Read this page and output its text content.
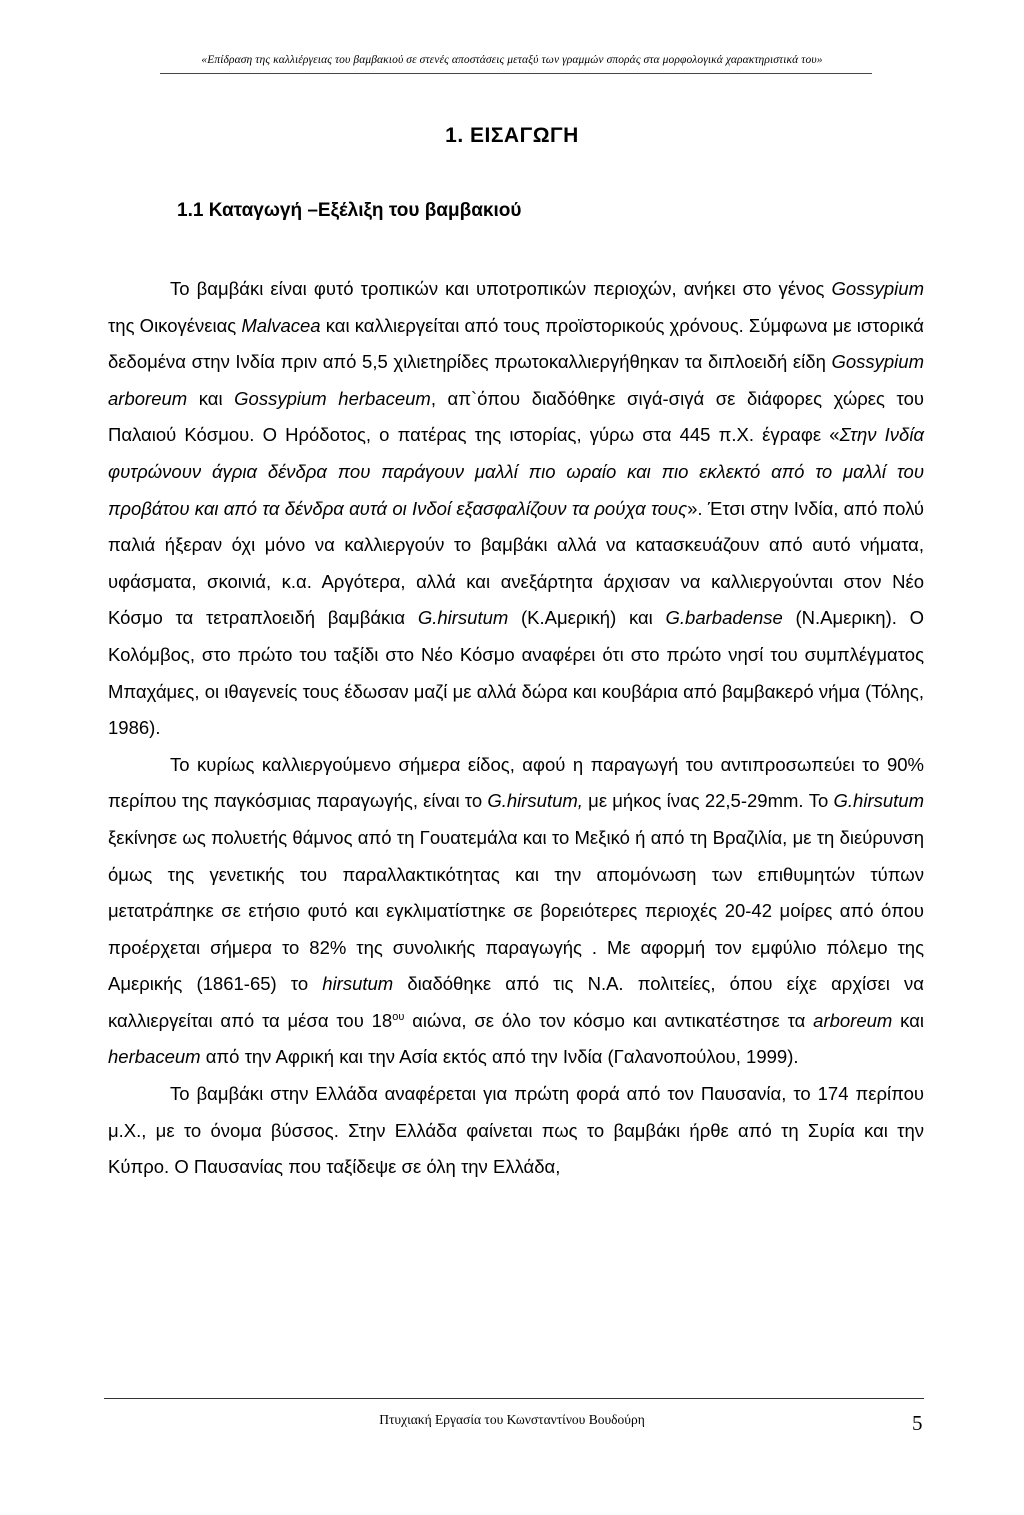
«Επίδραση της καλλιέργειας του βαμβακιού σε στενές αποστάσεις μεταξύ των γραμμών σποράς στα μορφολογικά χαρακτηριστικά του»
1. ΕΙΣΑΓΩΓΗ
1.1 Καταγωγή –Εξέλιξη του βαμβακιού

Το βαμβάκι είναι φυτό τροπικών και υποτροπικών περιοχών, ανήκει στο γένος Gossypium της Οικογένειας Malvacea και καλλιεργείται από τους προϊστορικούς χρόνους. Σύμφωνα με ιστορικά δεδομένα στην Ινδία πριν από 5,5 χιλιετηρίδες πρωτοκαλλιεργήθηκαν τα διπλοειδή είδη Gossypium arboreum και Gossypium herbaceum, απ`όπου διαδόθηκε σιγά-σιγά σε διάφορες χώρες του Παλαιού Κόσμου. Ο Ηρόδοτος, ο πατέρας της ιστορίας, γύρω στα 445 π.Χ. έγραφε «Στην Ινδία φυτρώνουν άγρια δένδρα που παράγουν μαλλί πιο ωραίο και πιο εκλεκτό από το μαλλί του προβάτου και από τα δένδρα αυτά οι Ινδοί εξασφαλίζουν τα ρούχα τους». Έτσι στην Ινδία, από πολύ παλιά ήξεραν όχι μόνο να καλλιεργούν το βαμβάκι αλλά να κατασκευάζουν από αυτό νήματα, υφάσματα, σκοινιά, κ.α. Αργότερα, αλλά και ανεξάρτητα άρχισαν να καλλιεργούνται στον Νέο Κόσμο τα τετραπλοειδή βαμβάκια G.hirsutum (Κ.Αμερική) και G.barbadense (Ν.Αμερικη). Ο Κολόμβος, στο πρώτο του ταξίδι στο Νέο Κόσμο αναφέρει ότι στο πρώτο νησί του συμπλέγματος Μπαχάμες, οι ιθαγενείς τους έδωσαν μαζί με αλλά δώρα και κουβάρια από βαμβακερό νήμα (Τόλης, 1986).

Το κυρίως καλλιεργούμενο σήμερα είδος, αφού η παραγωγή του αντιπροσωπεύει το 90% περίπου της παγκόσμιας παραγωγής, είναι το G.hirsutum, με μήκος ίνας 22,5-29mm. Το G.hirsutum ξεκίνησε ως πολυετής θάμνος από τη Γουατεμάλα και το Μεξικό ή από τη Βραζιλία, με τη διεύρυνση όμως της γενετικής του παραλλακτικότητας και την απομόνωση των επιθυμητών τύπων μετατράπηκε σε ετήσιο φυτό και εγκλιματίστηκε σε βορειότερες περιοχές 20-42 μοίρες από όπου προέρχεται σήμερα το 82% της συνολικής παραγωγής . Με αφορμή τον εμφύλιο πόλεμο της Αμερικής (1861-65) το hirsutum διαδόθηκε από τις Ν.Α. πολιτείες, όπου είχε αρχίσει να καλλιεργείται από τα μέσα του $18^{o\upsilon}$ αιώνα, σε όλο τον κόσμο και αντικατέστησε τα arboreum και herbaceum από την Αφρική και την Ασία εκτός από την Ινδία (Γαλανοπούλου, 1999).

Το βαμβάκι στην Ελλάδα αναφέρεται για πρώτη φορά από τον Παυσανία, το 174 περίπου μ.Χ., με το όνομα βύσσος. Στην Ελλάδα φαίνεται πως το βαμβάκι ήρθε από τη Συρία και την Κύπρο. Ο Παυσανίας που ταξίδεψε σε όλη την Ελλάδα,

Πτυχιακή Εργασία του Κωνσταντίνου Βουδούρη	5
